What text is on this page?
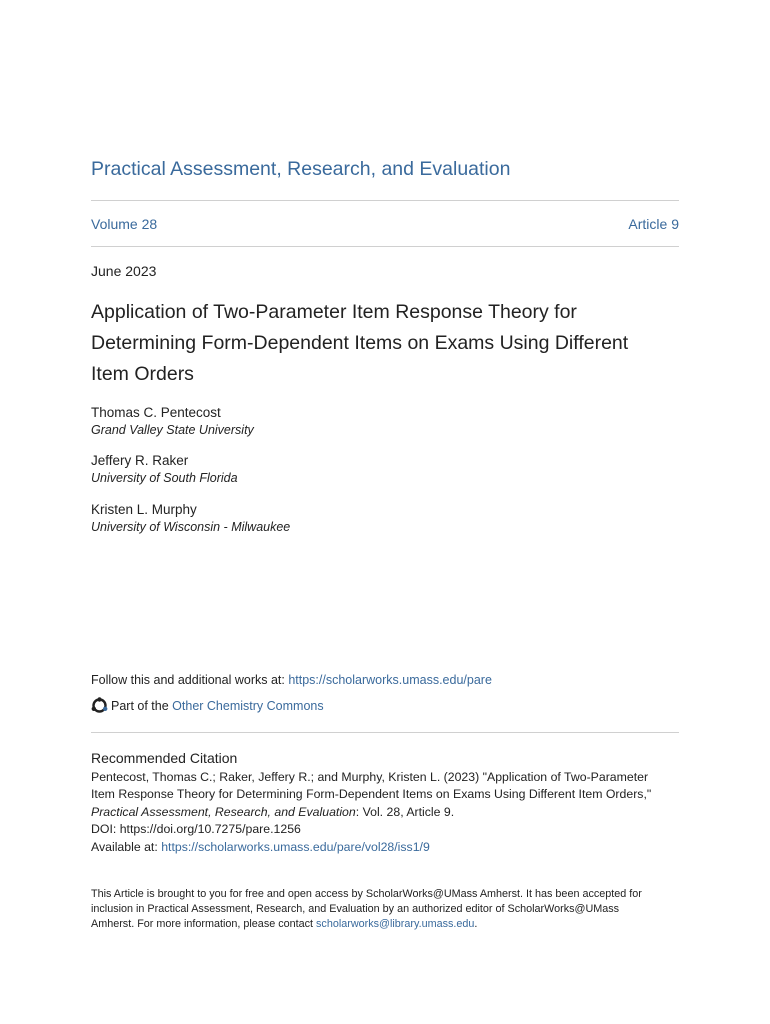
Practical Assessment, Research, and Evaluation
Volume 28	Article 9
June 2023
Application of Two-Parameter Item Response Theory for
Determining Form-Dependent Items on Exams Using Different
Item Orders
Thomas C. Pentecost
Grand Valley State University
Jeffery R. Raker
University of South Florida
Kristen L. Murphy
University of Wisconsin - Milwaukee
Follow this and additional works at: https://scholarworks.umass.edu/pare
Part of the
Other Chemistry Commons
Recommended Citation
Pentecost, Thomas C.; Raker, Jeffery R.; and Murphy, Kristen L. (2023) "Application of Two-Parameter
Item Response Theory for Determining Form-Dependent Items on Exams Using Different Item Orders,"
Practical Assessment, Research, and Evaluation: Vol. 28, Article 9.
DOI: https://doi.org/10.7275/pare.1256
Available at: https://scholarworks.umass.edu/pare/vol28/iss1/9
This Article is brought to you for free and open access by ScholarWorks@UMass Amherst. It has been accepted for
inclusion in Practical Assessment, Research, and Evaluation by an authorized editor of ScholarWorks@UMass
Amherst. For more information, please contact scholarworks@library.umass.edu.
